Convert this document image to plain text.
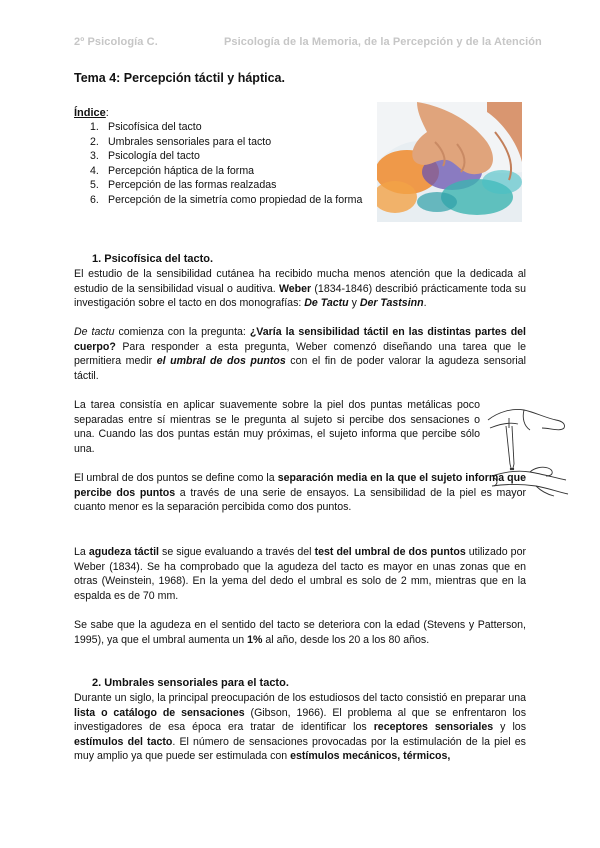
2º Psicología C.	Psicología de la Memoria, de la Percepción y de la Atención
Tema 4: Percepción táctil y háptica.
Índice:
1. Psicofísica del tacto
2. Umbrales sensoriales para el tacto
3. Psicología del tacto
4. Percepción háptica de la forma
5. Percepción de las formas realzadas
6. Percepción de la simetría como propiedad de la forma
1. Psicofísica del tacto.

El estudio de la sensibilidad cutánea ha recibido mucha menos atención que la dedicada al estudio de la sensibilidad visual o auditiva. Weber (1834-1846) describió prácticamente toda su investigación sobre el tacto en dos monografías: De Tactu y Der Tastsinn.

De tactu comienza con la pregunta: ¿Varía la sensibilidad táctil en las distintas partes del cuerpo? Para responder a esta pregunta, Weber comenzó diseñando una tarea que le permitiera medir el umbral de dos puntos con el fin de poder valorar la agudeza sensorial táctil.

La tarea consistía en aplicar suavemente sobre la piel dos puntas metálicas poco separadas entre sí mientras se le pregunta al sujeto si percibe dos sensaciones o una. Cuando las dos puntas están muy próximas, el sujeto informa que percibe sólo una.

El umbral de dos puntos se define como la separación media en la que el sujeto informa que percibe dos puntos a través de una serie de ensayos. La sensibilidad de la piel es mayor cuanto menor es la separación percibida como dos puntos.

La agudeza táctil se sigue evaluando a través del test del umbral de dos puntos utilizado por Weber (1834). Se ha comprobado que la agudeza del tacto es mayor en unas zonas que en otras (Weinstein, 1968). En la yema del dedo el umbral es solo de 2 mm, mientras que en la espalda es de 70 mm.

Se sabe que la agudeza en el sentido del tacto se deteriora con la edad (Stevens y Patterson, 1995), ya que el umbral aumenta un 1% al año, desde los 20 a los 80 años.

2. Umbrales sensoriales para el tacto.

Durante un siglo, la principal preocupación de los estudiosos del tacto consistió en preparar una lista o catálogo de sensaciones (Gibson, 1966). El problema al que se enfrentaron los investigadores de esa época era tratar de identificar los receptores sensoriales y los estímulos del tacto. El número de sensaciones provocadas por la estimulación de la piel es muy amplio ya que puede ser estimulada con estímulos mecánicos, térmicos,
